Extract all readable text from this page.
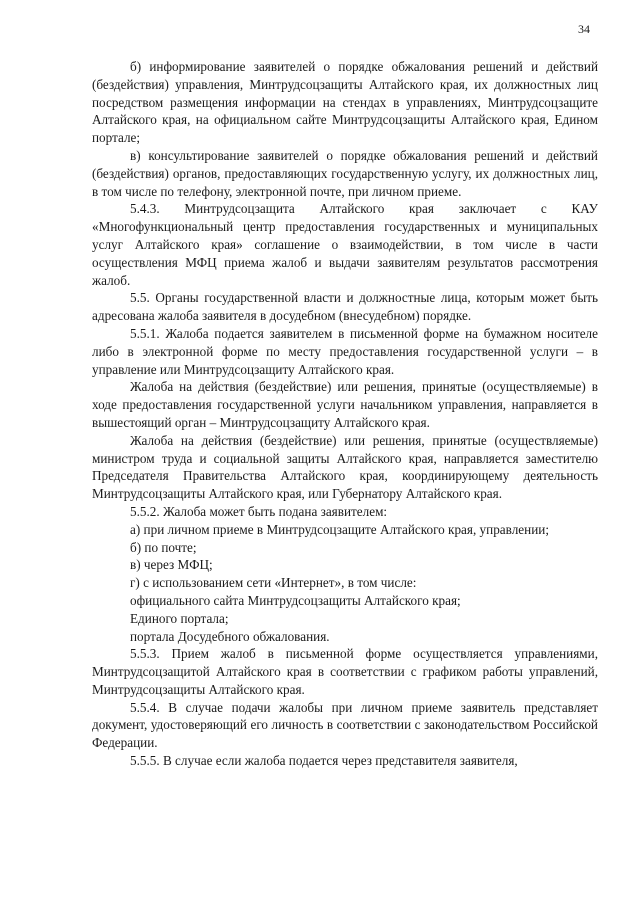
34

б) информирование заявителей о порядке обжалования решений и действий (бездействия) управления, Минтрудсоцзащиты Алтайского края, их должностных лиц посредством размещения информации на стендах в управлениях, Минтрудсоцзащите Алтайского края, на официальном сайте Минтрудсоцзащиты Алтайского края, Едином портале;

в) консультирование заявителей о порядке обжалования решений и действий (бездействия) органов, предоставляющих государственную услугу, их должностных лиц, в том числе по телефону, электронной почте, при личном приеме.

5.4.3. Минтрудсоцзащита Алтайского края заключает с КАУ «Многофункциональный центр предоставления государственных и муниципальных услуг Алтайского края» соглашение о взаимодействии, в том числе в части осуществления МФЦ приема жалоб и выдачи заявителям результатов рассмотрения жалоб.

5.5. Органы государственной власти и должностные лица, которым может быть адресована жалоба заявителя в досудебном (внесудебном) порядке.

5.5.1. Жалоба подается заявителем в письменной форме на бумажном носителе либо в электронной форме по месту предоставления государственной услуги – в управление или Минтрудсоцзащиту Алтайского края.

Жалоба на действия (бездействие) или решения, принятые (осуществляемые) в ходе предоставления государственной услуги начальником управления, направляется в вышестоящий орган – Минтрудсоцзащиту Алтайского края.

Жалоба на действия (бездействие) или решения, принятые (осуществляемые) министром труда и социальной защиты Алтайского края, направляется заместителю Председателя Правительства Алтайского края, координирующему деятельность Минтрудсоцзащиты Алтайского края, или Губернатору Алтайского края.

5.5.2. Жалоба может быть подана заявителем:

а) при личном приеме в Минтрудсоцзащите Алтайского края, управлении;

б) по почте;

в) через МФЦ;

г) с использованием сети «Интернет», в том числе:

официального сайта Минтрудсоцзащиты Алтайского края;

Единого портала;

портала Досудебного обжалования.

5.5.3. Прием жалоб в письменной форме осуществляется управлениями, Минтрудсоцзащитой Алтайского края в соответствии с графиком работы управлений, Минтрудсоцзащиты Алтайского края.

5.5.4. В случае подачи жалобы при личном приеме заявитель представляет документ, удостоверяющий его личность в соответствии с законодательством Российской Федерации.

5.5.5. В случае если жалоба подается через представителя заявителя,
